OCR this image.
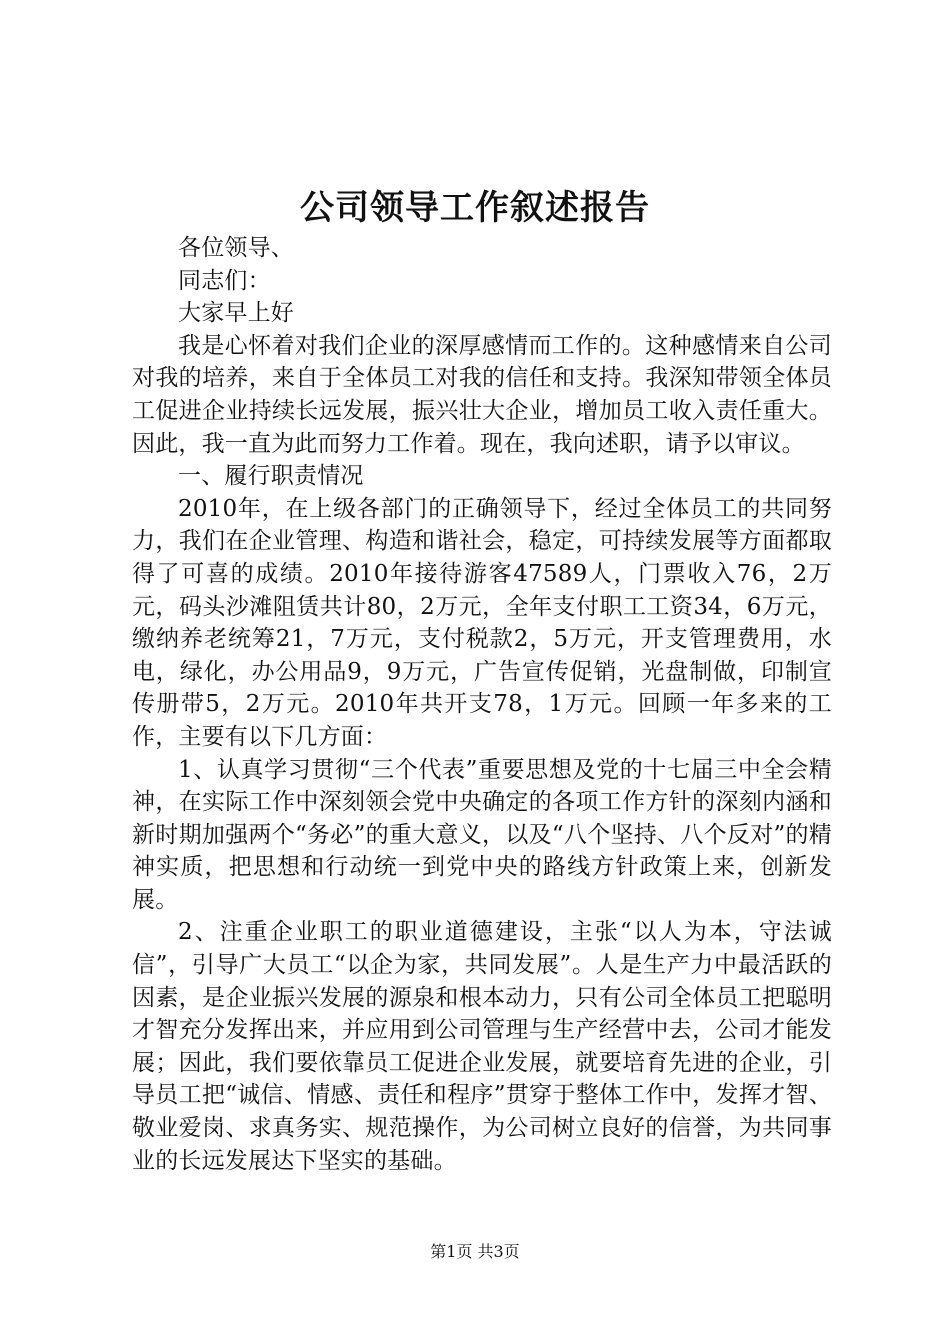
公司领导工作叙述报告

各位领导、

同志们：

大家早上好

我是心怀着对我们企业的深厚感情而工作的。这种感情来自公司对我的培养，来自于全体员工对我的信任和支持。我深知带领全体员工促进企业持续长远发展，振兴壮大企业，增加员工收入责任重大。因此，我一直为此而努力工作着。现在，我向述职，请予以审议。

一、履行职责情况

2010年，在上级各部门的正确领导下，经过全体员工的共同努力，我们在企业管理、构造和谐社会，稳定，可持续发展等方面都取得了可喜的成绩。2010年接待游客47589人，门票收入76，2万元，码头沙滩阻赁共计80，2万元，全年支付职工工资34，6万元，缴纳养老统筹21，7万元，支付税款2，5万元，开支管理费用，水电，绿化，办公用品9，9万元，广告宣传促销，光盘制做，印制宣传册带5，2万元。2010年共开支78，1万元。回顾一年多来的工作，主要有以下几方面：

1、认真学习贯彻“三个代表”重要思想及党的十七届三中全会精神，在实际工作中深刻领会党中央确定的各项工作方针的深刻内涵和新时期加强两个“务必”的重大意义，以及“八个坚持、八个反对”的精神实质，把思想和行动统一到党中央的路线方针政策上来，创新发展。

2、注重企业职工的职业道德建设，主张“以人为本，守法诚信”，引导广大员工“以企为家，共同发展”。人是生产力中最活跃的因素，是企业振兴发展的源泉和根本动力，只有公司全体员工把聪明才智充分发挥出来，并应用到公司管理与生产经营中去，公司才能发展；因此，我们要依靠员工促进企业发展，就要培育先进的企业，引导员工把“诚信、情感、责任和程序”贯穿于整体工作中，发挥才智、敬业爱岗、求真务实、规范操作，为公司树立良好的信誉，为共同事业的长远发展达下坚实的基础。

第1页 共3页
